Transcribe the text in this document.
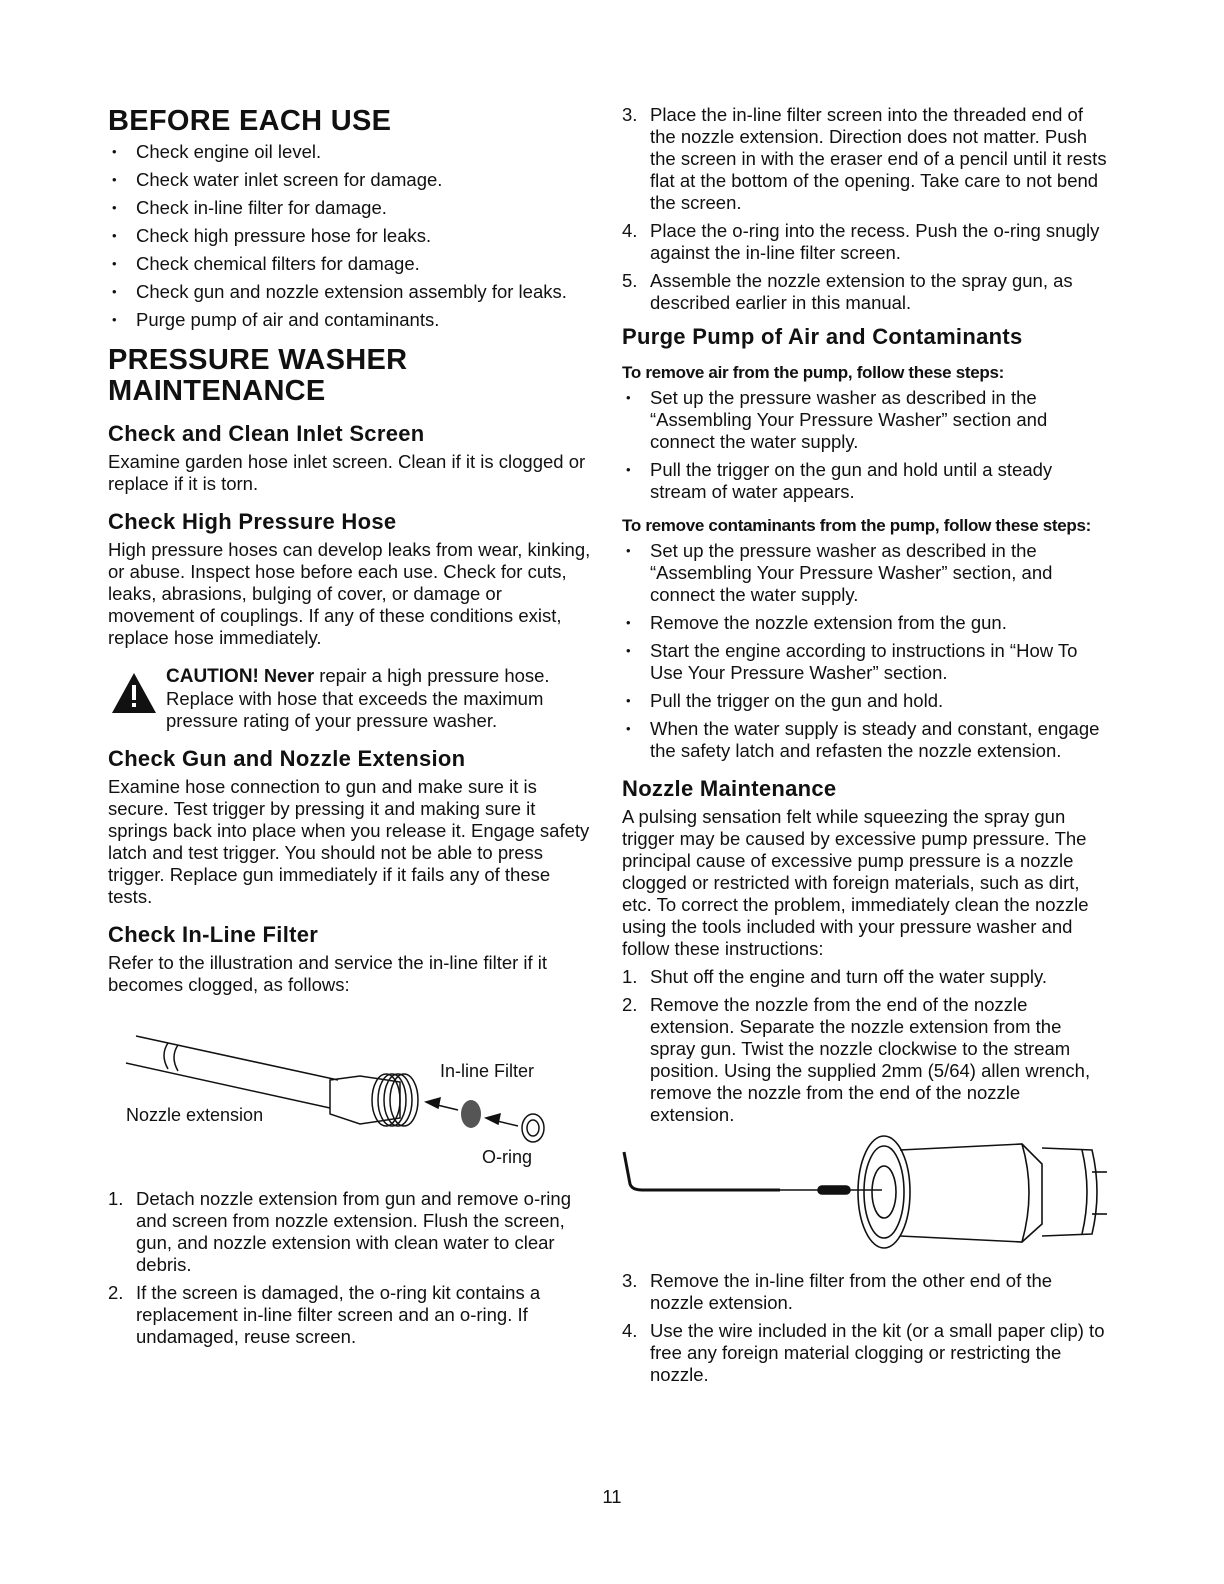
BEFORE EACH USE
• Check engine oil level.
• Check water inlet screen for damage.
• Check in-line filter for damage.
• Check high pressure hose for leaks.
• Check chemical filters for damage.
• Check gun and nozzle extension assembly for leaks.
• Purge pump of air and contaminants.
PRESSURE WASHER
MAINTENANCE
Check and Clean Inlet Screen

Examine garden hose inlet screen. Clean if it is clogged or replace if it is torn.

Check High Pressure Hose

High pressure hoses can develop leaks from wear, kinking, or abuse. Inspect hose before each use. Check for cuts, leaks, abrasions, bulging of cover, or damage or movement of couplings. If any of these conditions exist, replace hose immediately.

CAUTION! Never repair a high pressure hose. Replace with hose that exceeds the maximum pressure rating of your pressure washer.
Check Gun and Nozzle Extension

Examine hose connection to gun and make sure it is secure. Test trigger by pressing it and making sure it springs back into place when you release it. Engage safety latch and test trigger. You should not be able to press trigger. Replace gun immediately if it fails any of these tests.

Check In-Line Filter

Refer to the illustration and service the in-line filter if it becomes clogged, as follows:

Nozzle extension
In-line Filter
O-ring
1. Detach nozzle extension from gun and remove o-ring and screen from nozzle extension. Flush the screen, gun, and nozzle extension with clean water to clear debris.
2. If the screen is damaged, the o-ring kit contains a replacement in-line filter screen and an o-ring. If undamaged, reuse screen.
3. Place the in-line filter screen into the threaded end of the nozzle extension. Direction does not matter. Push the screen in with the eraser end of a pencil until it rests flat at the bottom of the opening. Take care to not bend the screen.
4. Place the o-ring into the recess. Push the o-ring snugly against the in-line filter screen.
5. Assemble the nozzle extension to the spray gun, as described earlier in this manual.
Purge Pump of Air and Contaminants
To remove air from the pump, follow these steps:
• Set up the pressure washer as described in the “Assembling Your Pressure Washer” section and connect the water supply.
• Pull the trigger on the gun and hold until a steady stream of water appears.
To remove contaminants from the pump, follow these steps:
• Set up the pressure washer as described in the “Assembling Your Pressure Washer” section, and connect the water supply.
• Remove the nozzle extension from the gun.
• Start the engine according to instructions in “How To Use Your Pressure Washer” section.
• Pull the trigger on the gun and hold.
• When the water supply is steady and constant, engage the safety latch and refasten the nozzle extension.
Nozzle Maintenance

A pulsing sensation felt while squeezing the spray gun trigger may be caused by excessive pump pressure. The principal cause of excessive pump pressure is a nozzle clogged or restricted with foreign materials, such as dirt, etc. To correct the problem, immediately clean the nozzle using the tools included with your pressure washer and follow these instructions:

1. Shut off the engine and turn off the water supply.
2. Remove the nozzle from the end of the nozzle extension. Separate the nozzle extension from the spray gun. Twist the nozzle clockwise to the stream position. Using the supplied 2mm (5/64) allen wrench, remove the nozzle from the end of the nozzle extension.
3. Remove the in-line filter from the other end of the nozzle extension.
4. Use the wire included in the kit (or a small paper clip) to free any foreign material clogging or restricting the nozzle.
11
